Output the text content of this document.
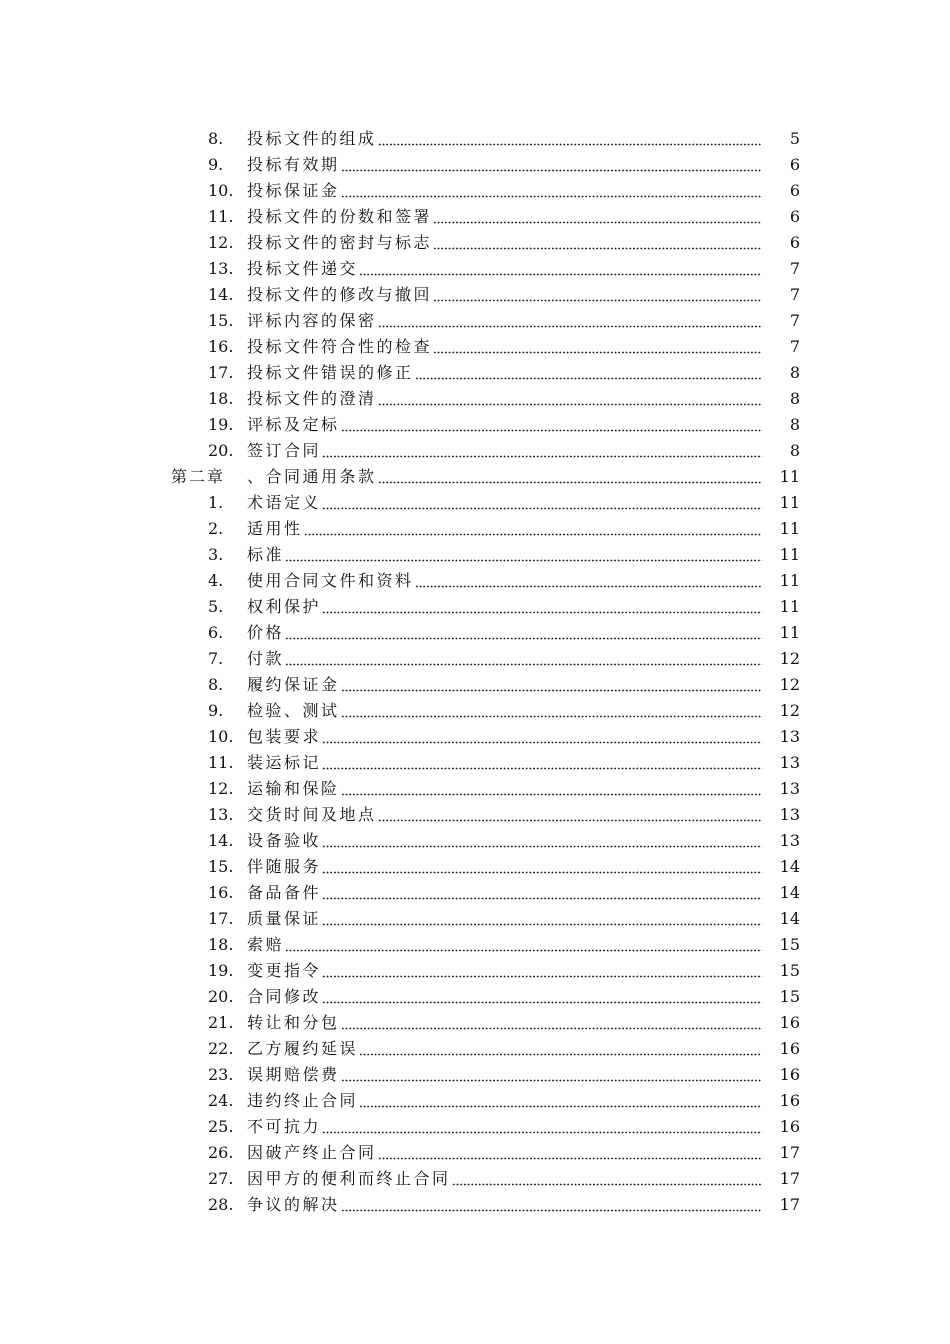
8. 投标文件的组成	5
9. 投标有效期	6
10. 投标保证金	6
11. 投标文件的份数和签署	6
12. 投标文件的密封与标志	6
13. 投标文件递交	7
14. 投标文件的修改与撤回	7
15. 评标内容的保密	7
16. 投标文件符合性的检查	7
17. 投标文件错误的修正	8
18. 投标文件的澄清	8
19. 评标及定标	8
20. 签订合同	8
第二章 、合同通用条款	11
1. 术语定义	11
2. 适用性	11
3. 标准	11
4. 使用合同文件和资料	11
5. 权利保护	11
6. 价格	11
7. 付款	12
8. 履约保证金	12
9. 检验、测试	12
10. 包装要求	13
11. 装运标记	13
12. 运输和保险	13
13. 交货时间及地点	13
14. 设备验收	13
15. 伴随服务	14
16. 备品备件	14
17. 质量保证	14
18. 索赔	15
19. 变更指令	15
20. 合同修改	15
21. 转让和分包	16
22. 乙方履约延误	16
23. 误期赔偿费	16
24. 违约终止合同	16
25. 不可抗力	16
26. 因破产终止合同	17
27. 因甲方的便利而终止合同	17
28. 争议的解决	17
